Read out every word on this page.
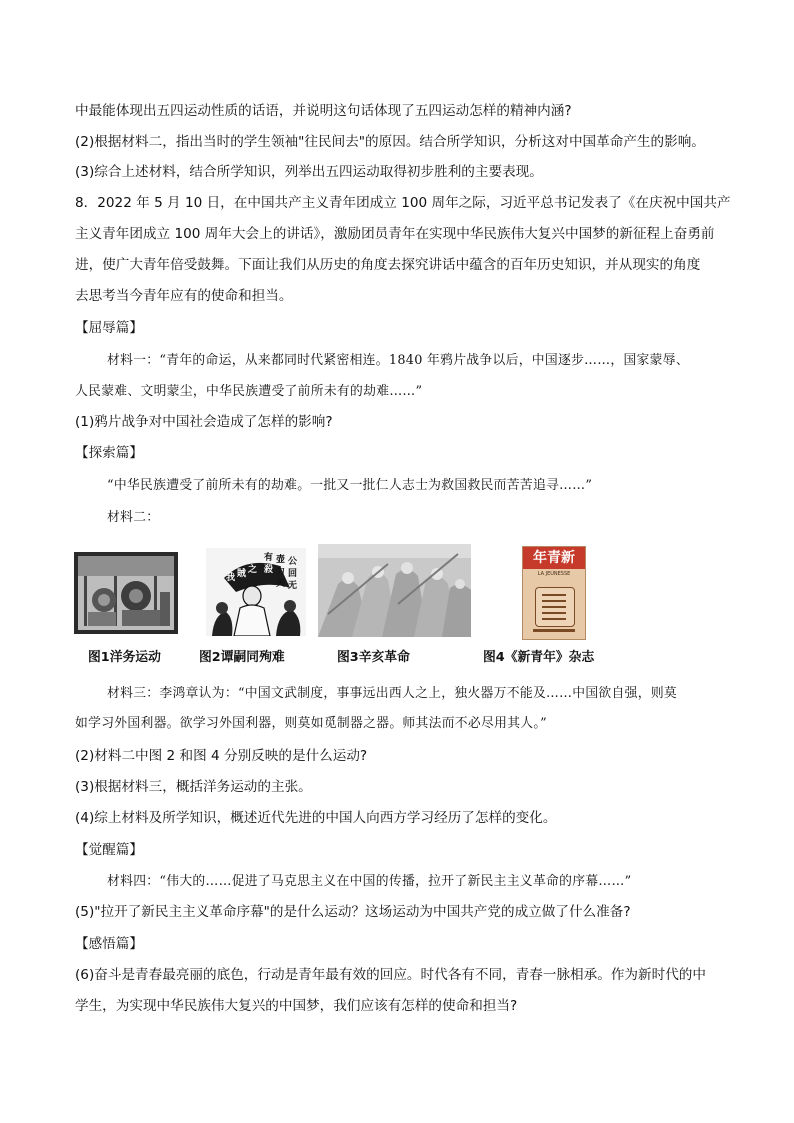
中最能体现出五四运动性质的话语，并说明这句话体现了五四运动怎样的精神内涵?
(2)根据材料二，指出当时的学生领袖"往民间去"的原因。结合所学知识，分析这对中国革命产生的影响。
(3)综合上述材料，结合所学知识，列举出五四运动取得初步胜利的主要表现。
8．2022 年 5 月 10 日，在中国共产主义青年团成立 100 周年之际，习近平总书记发表了《在庆祝中国共产
主义青年团成立 100 周年大会上的讲话》，激励团员青年在实现中华民族伟大复兴中国梦的新征程上奋勇前
进，使广大青年倍受鼓舞。下面让我们从历史的角度去探究讲话中蕴含的百年历史知识，并从现实的角度
去思考当今青年应有的使命和担当。
【屈辱篇】
材料一：“青年的命运，从来都同时代紧密相连。1840 年鸦片战争以后，中国逐步……，国家蒙辱、
人民蒙难、文明蒙尘，中华民族遭受了前所未有的劫难……”
(1)鸦片战争对中国社会造成了怎样的影响?
【探索篇】
“中华民族遭受了前所未有的劫难。一批又一批仁人志士为救国救民而苦苦追寻……”
材料二：
有 壶 公
殺
我 賊 之 力 回
天 无
年青新
LA JEUNESSE
图1洋务运动	图2谭嗣同殉难	图3辛亥革命	图4《新青年》杂志
材料三：李鸿章认为：“中国文武制度，事事远出西人之上，独火器万不能及……中国欲自强，则莫
如学习外国利器。欲学习外国利器，则莫如觅制器之器。师其法而不必尽用其人。”
(2)材料二中图 2 和图 4 分别反映的是什么运动?
(3)根据材料三，概括洋务运动的主张。
(4)综上材料及所学知识，概述近代先进的中国人向西方学习经历了怎样的变化。
【觉醒篇】
材料四：“伟大的……促进了马克思主义在中国的传播，拉开了新民主主义革命的序幕……”
(5)"拉开了新民主主义革命序幕"的是什么运动？这场运动为中国共产党的成立做了什么准备?
【感悟篇】
(6)奋斗是青春最亮丽的底色，行动是青年最有效的回应。时代各有不同，青春一脉相承。作为新时代的中
学生，为实现中华民族伟大复兴的中国梦，我们应该有怎样的使命和担当?
